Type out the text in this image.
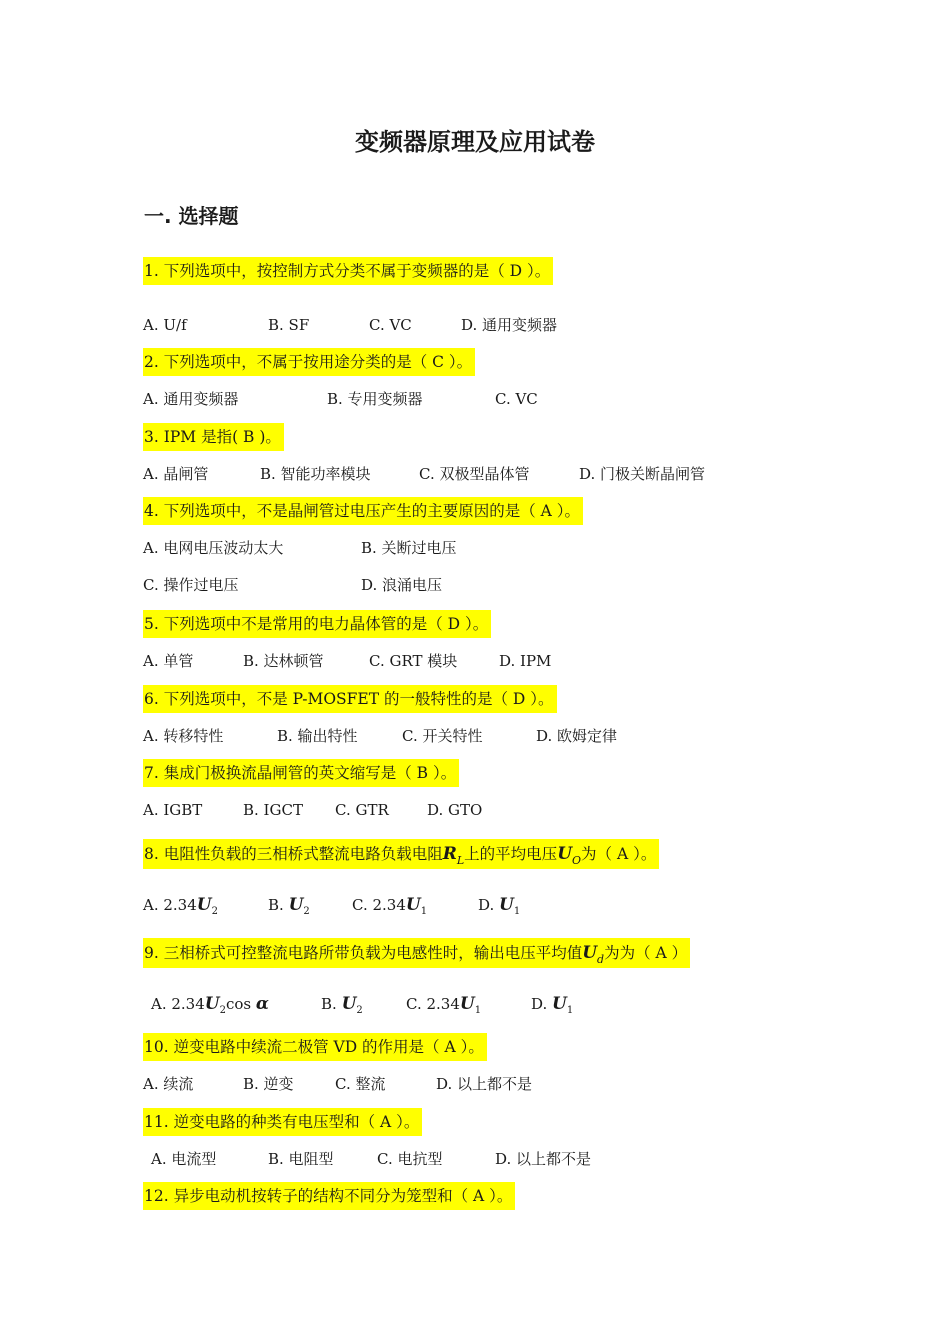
变频器原理及应用试卷
一. 选择题
1. 下列选项中，按控制方式分类不属于变频器的是（ D ）。
A. U/f	B. SF	C. VC	D. 通用变频器
2. 下列选项中，不属于按用途分类的是（ C ）。
A. 通用变频器	B. 专用变频器	C. VC
3. IPM 是指( B )。
A. 晶闸管	B. 智能功率模块	C. 双极型晶体管	D. 门极关断晶闸管
4. 下列选项中，不是晶闸管过电压产生的主要原因的是（ A ）。
A. 电网电压波动太大	B. 关断过电压
C. 操作过电压	D. 浪涌电压
5. 下列选项中不是常用的电力晶体管的是（ D ）。
A. 单管	B. 达林顿管	C. GRT 模块	D. IPM
6. 下列选项中，不是 P-MOSFET 的一般特性的是（ D ）。
A. 转移特性	B. 输出特性	C. 开关特性	D. 欧姆定律
7. 集成门极换流晶闸管的英文缩写是（ B ）。
A. IGBT	B. IGCT C. GTR	D. GTO
8. 电阻性负载的三相桥式整流电路负载电阻$R_L$上的平均电压$U_O$为（ A ）。
A. $2.34U_2$	B. $U_2$	C. $2.34U_1$	D. $U_1$
9. 三相桥式可控整流电路所带负载为电感性时，输出电压平均值$U_d$为为（ A ）
A. $2.34U_2\cos$ α	B. $U_2$	C. $2.34U_1$	D. $U_1$
10. 逆变电路中续流二极管 VD 的作用是（ A ）。
A. 续流	B. 逆变	C. 整流	D. 以上都不是
11. 逆变电路的种类有电压型和（ A ）。
A. 电流型	B. 电阻型	C. 电抗型	D. 以上都不是
12. 异步电动机按转子的结构不同分为笼型和（ A ）。
